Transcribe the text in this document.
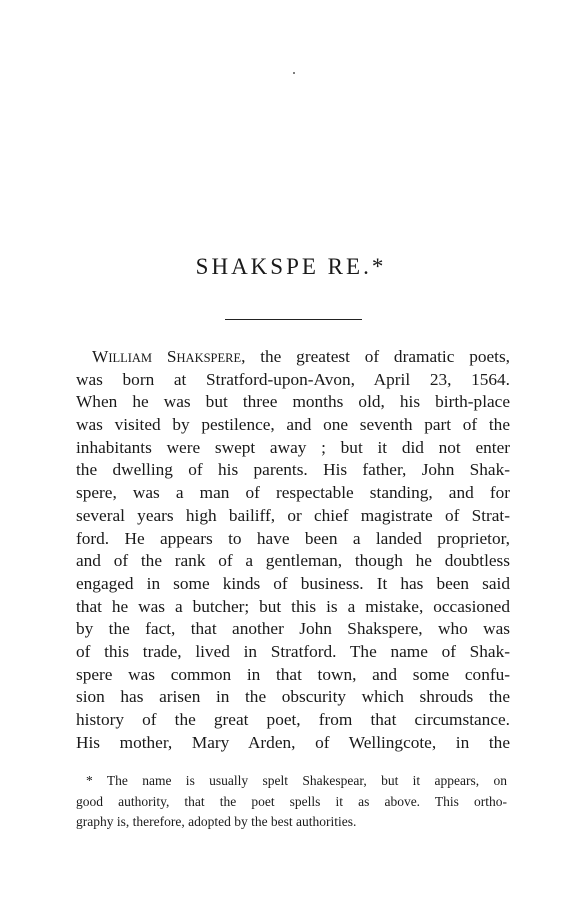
SHAKSPE RE.*
WILLIAM SHAKSPERE, the greatest of dramatic poets,
was born at Stratford-upon-Avon, April 23, 1564.
When he was but three months old, his birth-place
was visited by pestilence, and one seventh part of the
inhabitants were swept away ; but it did not enter
the dwelling of his parents. His father, John Shak-
spere, was a man of respectable standing, and for
several years high bailiff, or chief magistrate of Strat-
ford. He appears to have been a landed proprietor,
and of the rank of a gentleman, though he doubtless
engaged in some kinds of business. It has been said
that he was a butcher; but this is a mistake, occasioned
by the fact, that another John Shakspere, who was
of this trade, lived in Stratford. The name of Shak-
spere was common in that town, and some confu-
sion has arisen in the obscurity which shrouds the
history of the great poet, from that circumstance.
His mother, Mary Arden, of Wellingcote, in the
* The name is usually spelt Shakespear, but it appears, on
good authority, that the poet spells it as above. This ortho-
graphy is, therefore, adopted by the best authorities.
